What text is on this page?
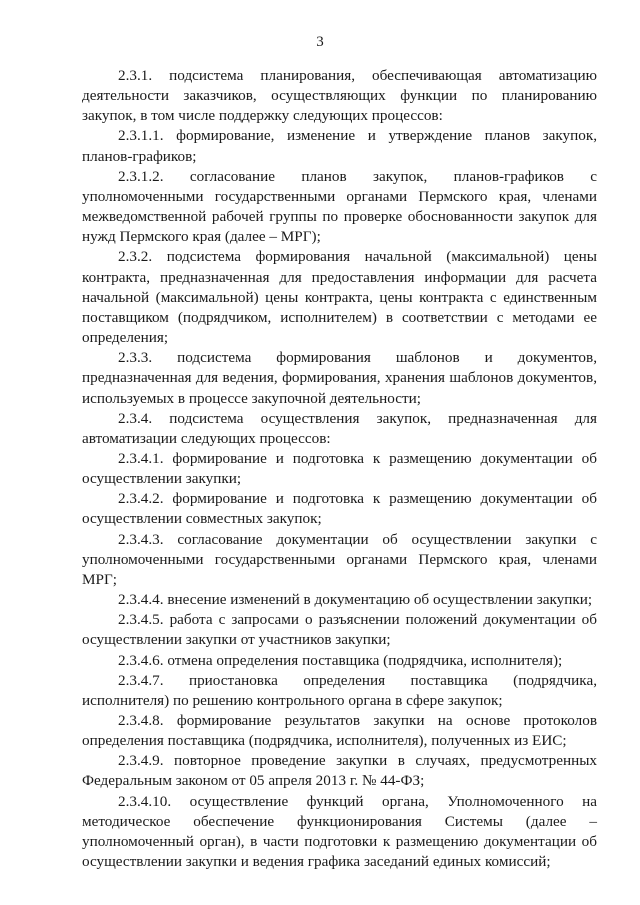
3

2.3.1. подсистема планирования, обеспечивающая автоматизацию деятельности заказчиков, осуществляющих функции по планированию закупок, в том числе поддержку следующих процессов:

2.3.1.1. формирование, изменение и утверждение планов закупок, планов-графиков;

2.3.1.2. согласование планов закупок, планов-графиков с уполномоченными государственными органами Пермского края, членами межведомственной рабочей группы по проверке обоснованности закупок для нужд Пермского края (далее – МРГ);

2.3.2. подсистема формирования начальной (максимальной) цены контракта, предназначенная для предоставления информации для расчета начальной (максимальной) цены контракта, цены контракта с единственным поставщиком (подрядчиком, исполнителем) в соответствии с методами ее определения;

2.3.3. подсистема формирования шаблонов и документов, предназначенная для ведения, формирования, хранения шаблонов документов, используемых в процессе закупочной деятельности;

2.3.4. подсистема осуществления закупок, предназначенная для автоматизации следующих процессов:

2.3.4.1. формирование и подготовка к размещению документации об осуществлении закупки;

2.3.4.2. формирование и подготовка к размещению документации об осуществлении совместных закупок;

2.3.4.3. согласование документации об осуществлении закупки с уполномоченными государственными органами Пермского края, членами МРГ;

2.3.4.4. внесение изменений в документацию об осуществлении закупки;

2.3.4.5. работа с запросами о разъяснении положений документации об осуществлении закупки от участников закупки;

2.3.4.6. отмена определения поставщика (подрядчика, исполнителя);

2.3.4.7. приостановка определения поставщика (подрядчика, исполнителя) по решению контрольного органа в сфере закупок;

2.3.4.8. формирование результатов закупки на основе протоколов определения поставщика (подрядчика, исполнителя), полученных из ЕИС;

2.3.4.9. повторное проведение закупки в случаях, предусмотренных Федеральным законом от 05 апреля 2013 г. № 44-ФЗ;

2.3.4.10. осуществление функций органа, Уполномоченного на методическое обеспечение функционирования Системы (далее – уполномоченный орган), в части подготовки к размещению документации об осуществлении закупки и ведения графика заседаний единых комиссий;
